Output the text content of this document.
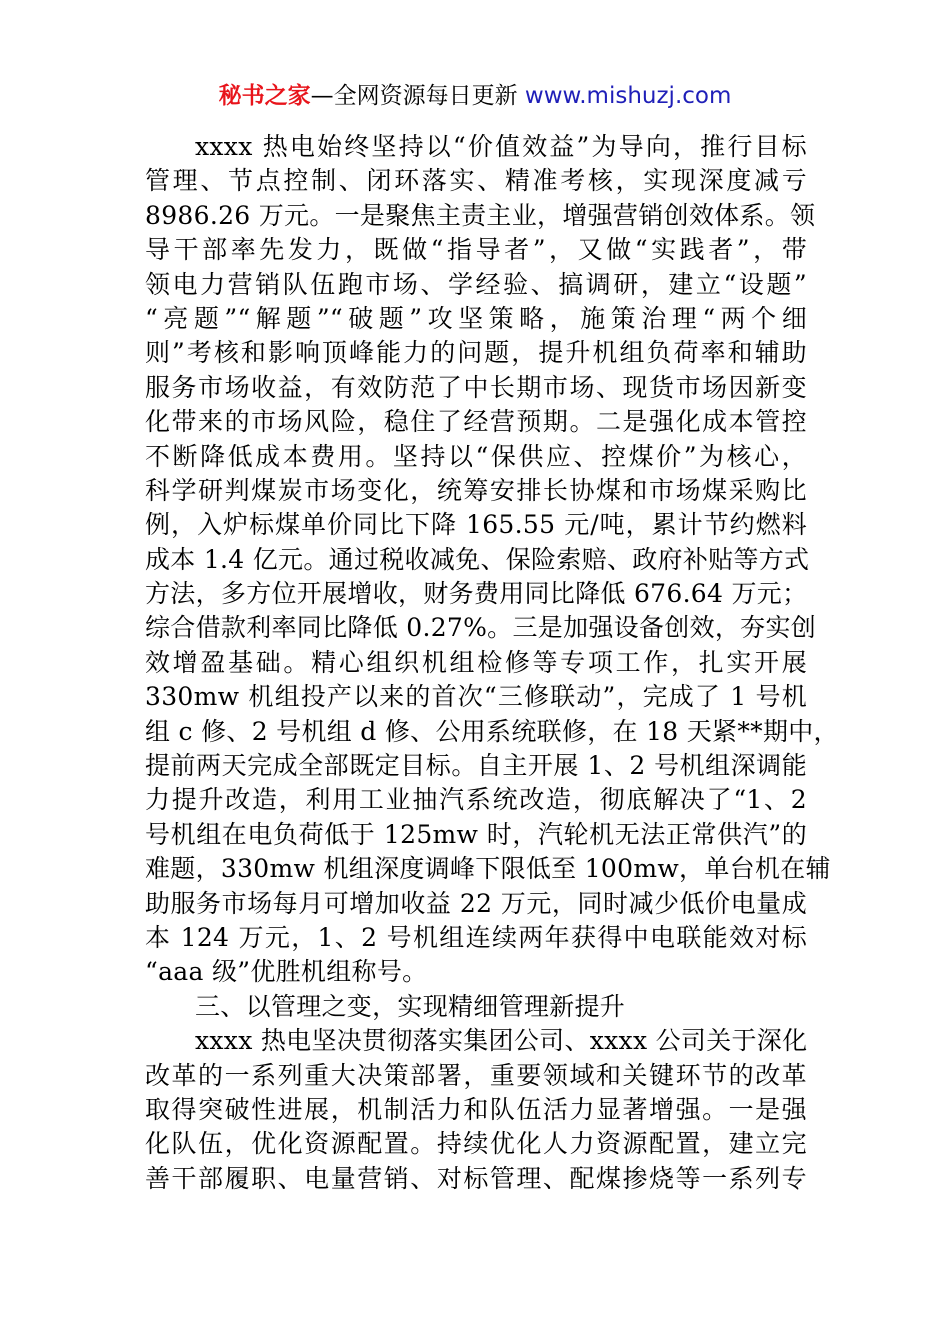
秘书之家—全网资源每日更新 www.mishuzj.com
xxxx 热电始终坚持以“价值效益”为导向，推行目标
管理、节点控制、闭环落实、精准考核，实现深度减亏
8986.26 万元。一是聚焦主责主业，增强营销创效体系。领
导干部率先发力，既做“指导者”，又做“实践者”，带
领电力营销队伍跑市场、学经验、搞调研，建立“设题”
“亮题”“解题”“破题”攻坚策略，施策治理“两个细
则”考核和影响顶峰能力的问题，提升机组负荷率和辅助
服务市场收益，有效防范了中长期市场、现货市场因新变
化带来的市场风险，稳住了经营预期。二是强化成本管控
不断降低成本费用。坚持以“保供应、控煤价”为核心，
科学研判煤炭市场变化，统筹安排长协煤和市场煤采购比
例，入炉标煤单价同比下降 165.55 元/吨，累计节约燃料
成本 1.4 亿元。通过税收减免、保险索赔、政府补贴等方式
方法，多方位开展增收，财务费用同比降低 676.64 万元；
综合借款利率同比降低 0.27%。三是加强设备创效，夯实创
效增盈基础。精心组织机组检修等专项工作，扎实开展
330mw 机组投产以来的首次“三修联动”，完成了 1 号机
组 c 修、2 号机组 d 修、公用系统联修，在 18 天紧**期中，
提前两天完成全部既定目标。自主开展 1、2 号机组深调能
力提升改造，利用工业抽汽系统改造，彻底解决了“1、2
号机组在电负荷低于 125mw 时，汽轮机无法正常供汽”的
难题，330mw 机组深度调峰下限低至 100mw，单台机在辅
助服务市场每月可增加收益 22 万元，同时减少低价电量成
本 124 万元，1、2 号机组连续两年获得中电联能效对标
“aaa 级”优胜机组称号。
三、以管理之变，实现精细管理新提升
xxxx 热电坚决贯彻落实集团公司、xxxx 公司关于深化
改革的一系列重大决策部署，重要领域和关键环节的改革
取得突破性进展，机制活力和队伍活力显著增强。一是强
化队伍，优化资源配置。持续优化人力资源配置，建立完
善干部履职、电量营销、对标管理、配煤掺烧等一系列专
